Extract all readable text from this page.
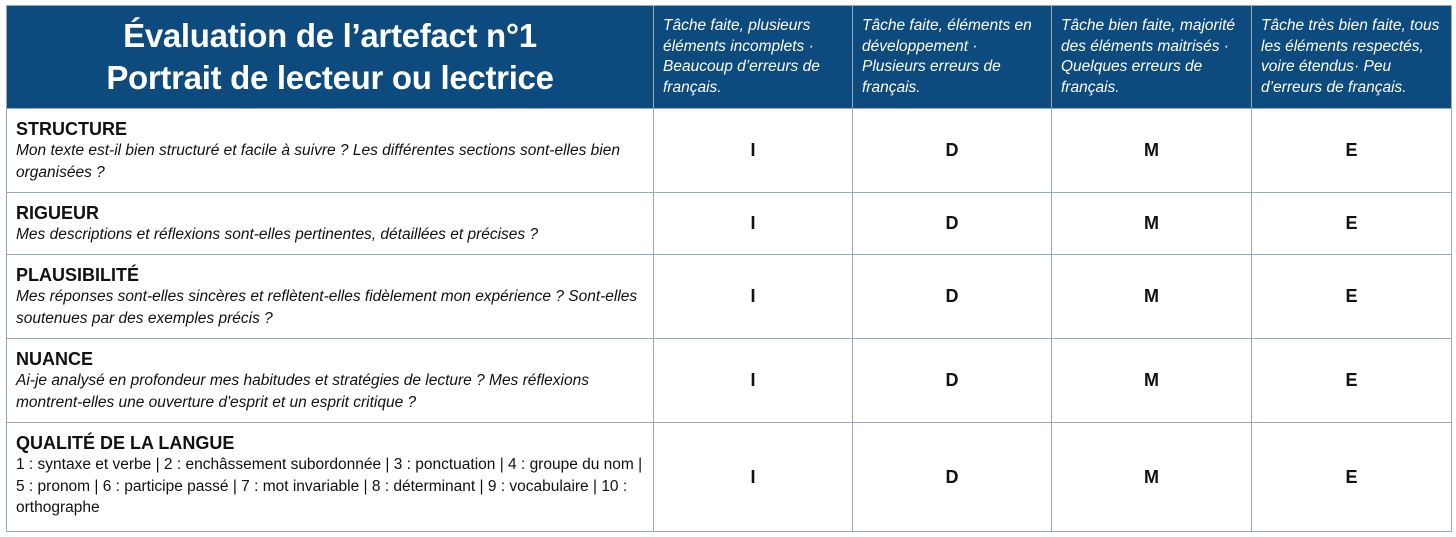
Évaluation de l’artefact n°1
Portrait de lecteur ou lectrice	Tâche faite, plusieurs éléments incomplets · Beaucoup d’erreurs de français.	Tâche faite, éléments en développement · Plusieurs erreurs de français.	Tâche bien faite, majorité des éléments maitrisés · Quelques erreurs de français.	Tâche très bien faite, tous les éléments respectés, voire étendus· Peu d’erreurs de français.

STRUCTURE
Mon texte est-il bien structuré et facile à suivre ? Les différentes sections sont-elles bien organisées ?	I	D	M	E

RIGUEUR
Mes descriptions et réflexions sont-elles pertinentes, détaillées et précises ?	I	D	M	E

PLAUSIBILITÉ
Mes réponses sont-elles sincères et reflètent-elles fidèlement mon expérience ? Sont-elles soutenues par des exemples précis ?	I	D	M	E

NUANCE
Ai-je analysé en profondeur mes habitudes et stratégies de lecture ? Mes réflexions montrent-elles une ouverture d'esprit et un esprit critique ?	I	D	M	E

QUALITÉ DE LA LANGUE
1 : syntaxe et verbe | 2 : enchâssement subordonnée | 3 : ponctuation | 4 : groupe du nom | 5 : pronom | 6 : participe passé | 7 : mot invariable | 8 : déterminant | 9 : vocabulaire | 10 : orthographe	I	D	M	E
